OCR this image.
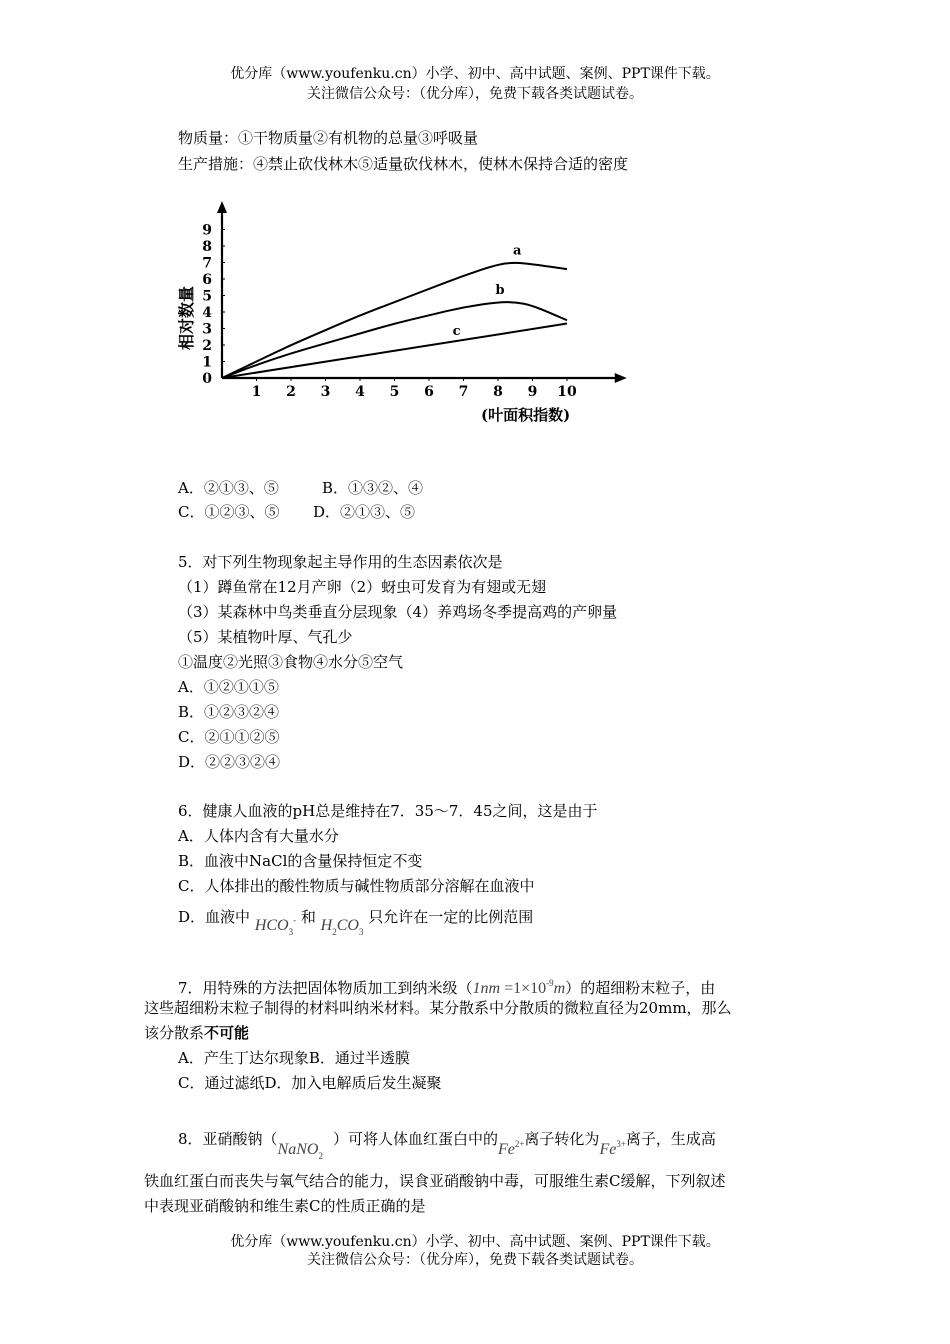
优分库（www.youfenku.cn）小学、初中、高中试题、案例、PPT课件下载。
关注微信公众号：（优分库），免费下载各类试题试卷。
物质量：①干物质量②有机物的总量③呼吸量
生产措施：④禁止砍伐林木⑤适量砍伐林木，使林木保持合适的密度
1 2 3 4 5 6 7 8 9 10
0
1
2
3
4
5
6
7
8
9
a
b
c
相对数量
(叶面积指数)
A．②①③、⑤	B．①③②、④
C．①②③、⑤ D．②①③、⑤
5．对下列生物现象起主导作用的生态因素依次是
（1）蹲鱼常在12月产卵（2）蚜虫可发育为有翅或无翅
（3）某森林中鸟类垂直分层现象（4）养鸡场冬季提高鸡的产卵量
（5）某植物叶厚、气孔少
①温度②光照③食物④水分⑤空气
A．①②①①⑤
B．①②③②④
C．②①①②⑤
D．②②③②④
6．健康人血液的pH总是维持在7．35～7．45之间，这是由于
A．人体内含有大量水分
B．血液中NaCl的含量保持恒定不变
C．人体排出的酸性物质与碱性物质部分溶解在血液中
D．血液中 $HCO_3^-$ 和 $H_2CO_3$ 只允许在一定的比例范围
7．用特殊的方法把固体物质加工到纳米级$(1nm =1\times 10^{-9}m)$的超细粉末粒子，由
这些超细粉末粒子制得的材料叫纳米材料。某分散系中分散质的微粒直径为20mm，那么
该分散系不可能
A．产生丁达尔现象B．通过半透膜
C．通过滤纸D．加入电解质后发生凝聚
8．亚硝酸钠（NaNO$_2$）可将人体血红蛋白中的$Fe^{2+}$离子转化为$Fe^{3+}$离子，生成高
铁血红蛋白而丧失与氧气结合的能力，误食亚硝酸钠中毒，可服维生素C缓解，下列叙述
中表现亚硝酸钠和维生素C的性质正确的是
优分库（www.youfenku.cn）小学、初中、高中试题、案例、PPT课件下载。
关注微信公众号：（优分库），免费下载各类试题试卷。
